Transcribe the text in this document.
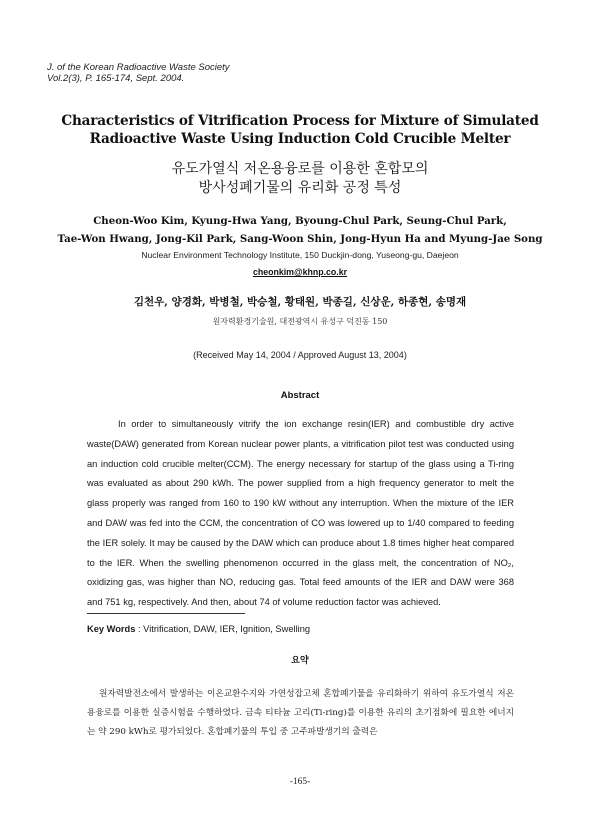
J. of the Korean Radioactive Waste Society
Vol.2(3), P. 165-174, Sept. 2004.
Characteristics of Vitrification Process for Mixture of Simulated
Radioactive Waste Using Induction Cold Crucible Melter
유도가열식 저온용융로를 이용한 혼합모의
방사성폐기물의 유리화 공정 특성
Cheon-Woo Kim, Kyung-Hwa Yang, Byoung-Chul Park, Seung-Chul Park,
Tae-Won Hwang, Jong-Kil Park, Sang-Woon Shin, Jong-Hyun Ha and Myung-Jae Song
Nuclear Environment Technology Institute, 150 Duckjin-dong, Yuseong-gu, Daejeon
cheonkim@khnp.co.kr
김천우, 양경화, 박병철, 박승철, 황태원, 박종길, 신상운, 하종현, 송명재
원자력환경기술원, 대전광역시 유성구 덕진동 150
(Received May 14, 2004 / Approved August 13, 2004)
Abstract

In order to simultaneously vitrify the ion exchange resin(IER) and combustible dry active waste(DAW) generated from Korean nuclear power plants, a vitrification pilot test was conducted using an induction cold crucible melter(CCM). The energy necessary for startup of the glass using a Ti-ring was evaluated as about 290 kWh. The power supplied from a high frequency generator to melt the glass properly was ranged from 160 to 190 kW without any interruption. When the mixture of the IER and DAW was fed into the CCM, the concentration of CO was lowered up to 1/40 compared to feeding the IER solely. It may be caused by the DAW which can produce about 1.8 times higher heat compared to the IER. When the swelling phenomenon occurred in the glass melt, the concentration of NO₂, oxidizing gas, was higher than NO, reducing gas. Total feed amounts of the IER and DAW were 368 and 751 kg, respectively. And then, about 74 of volume reduction factor was achieved.

Key Words : Vitrification, DAW, IER, Ignition, Swelling
요약

원자력발전소에서 발생하는 이온교환수지와 가연성잡고체 혼합폐기물을 유리화하기 위하여 유도가열식 저온용융로를 이용한 실증시험을 수행하였다. 금속 티타늄 고리(Ti-ring)를 이용한 유리의 초기점화에 필요한 에너지는 약 290 kWh로 평가되었다. 혼합폐기물의 투입 중 고주파발생기의 출력은

-165-
